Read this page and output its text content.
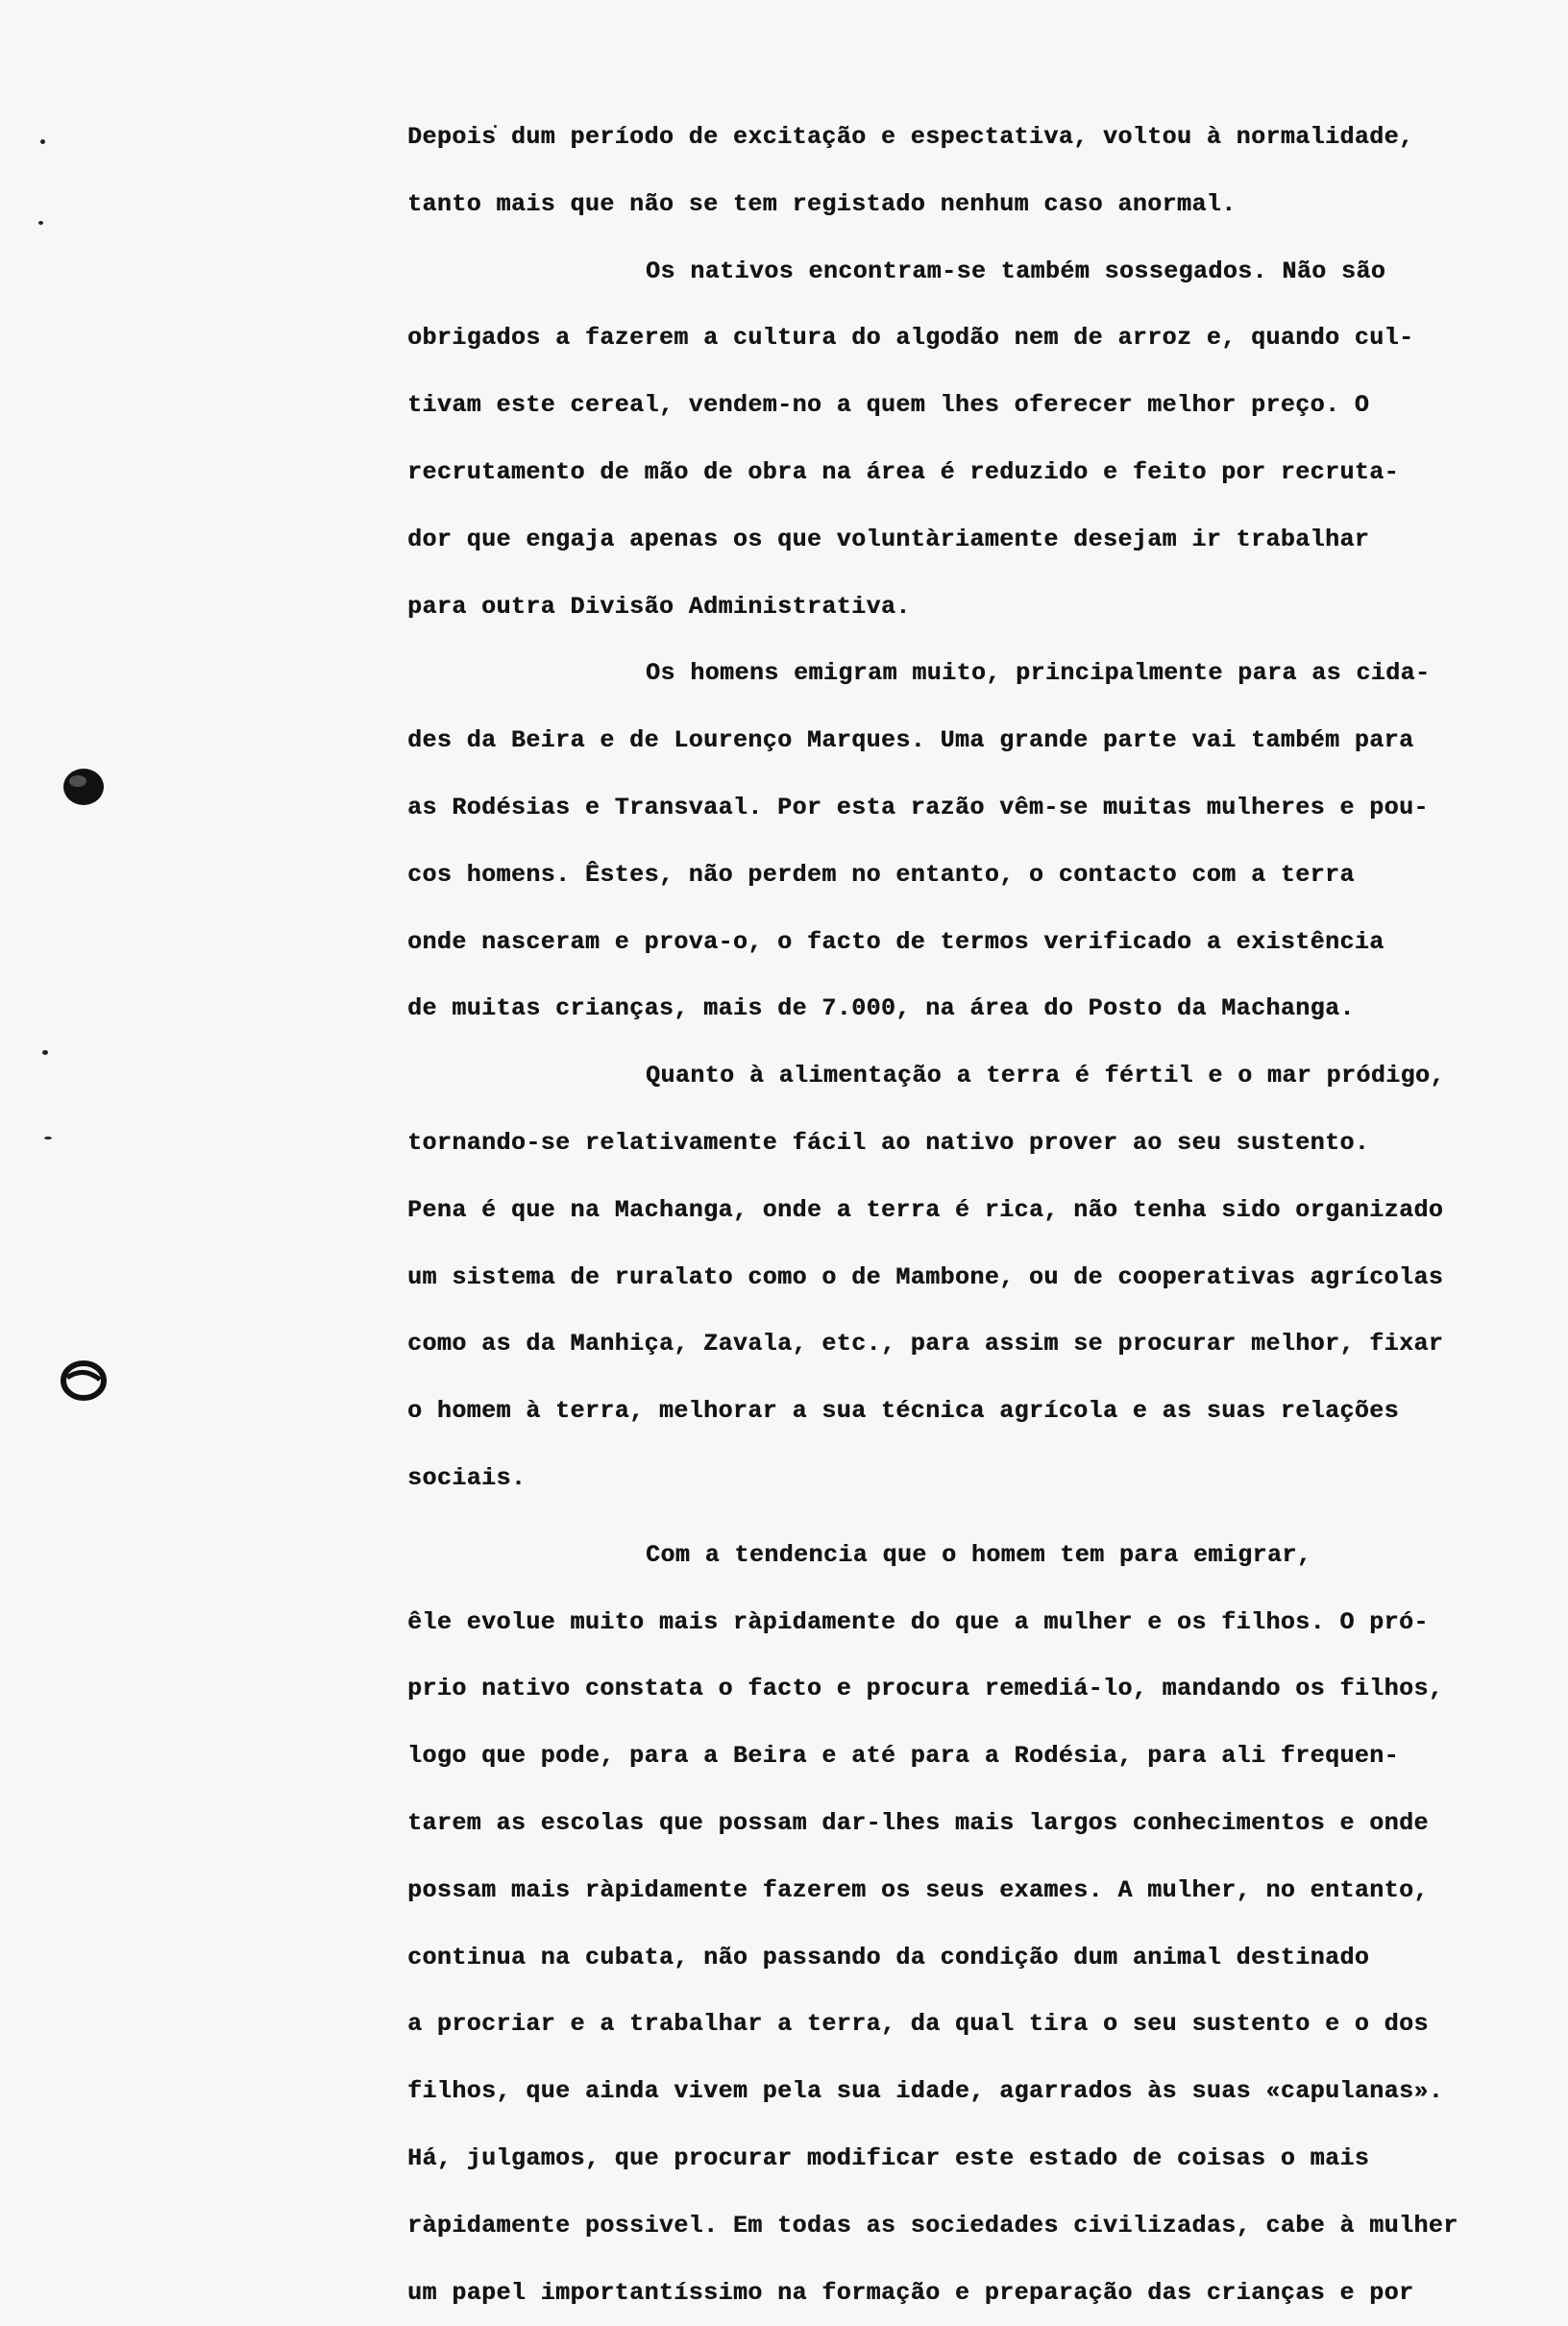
Depois dum período de excitação e espectativa, voltou à normalidade,
tanto mais que não se tem registado nenhum caso anormal.
Os nativos encontram-se também sossegados. Não são
obrigados a fazerem a cultura do algodão nem de arroz e, quando cul-
tivam este cereal, vendem-no a quem lhes oferecer melhor preço. O
recrutamento de mão de obra na área é reduzido e feito por recruta-
dor que engaja apenas os que voluntàriamente desejam ir trabalhar
para outra Divisão Administrativa.
Os homens emigram muito, principalmente para as cida-
des da Beira e de Lourenço Marques. Uma grande parte vai também para
as Rodésias e Transvaal. Por esta razão vêm-se muitas mulheres e pou-
cos homens. Êstes, não perdem no entanto, o contacto com a terra
onde nasceram e prova-o, o facto de termos verificado a existência
de muitas crianças, mais de 7.000, na área do Posto da Machanga.
Quanto à alimentação a terra é fértil e o mar pródigo,
tornando-se relativamente fácil ao nativo prover ao seu sustento.
Pena é que na Machanga, onde a terra é rica, não tenha sido organizado
um sistema de ruralato como o de Mambone, ou de cooperativas agrícolas
como as da Manhiça, Zavala, etc., para assim se procurar melhor, fixar
o homem à terra, melhorar a sua técnica agrícola e as suas relações
sociais.
Com a tendencia que o homem tem para emigrar,
êle evolue muito mais ràpidamente do que a mulher e os filhos. O pró-
prio nativo constata o facto e procura remediá-lo, mandando os filhos,
logo que pode, para a Beira e até para a Rodésia, para ali frequen-
tarem as escolas que possam dar-lhes mais largos conhecimentos e onde
possam mais ràpidamente fazerem os seus exames. A mulher, no entanto,
continua na cubata, não passando da condição dum animal destinado
a procriar e a trabalhar a terra, da qual tira o seu sustento e o dos
filhos, que ainda vivem pela sua idade, agarrados às suas «capulanas».
Há, julgamos, que procurar modificar este estado de coisas o mais
ràpidamente possivel. Em todas as sociedades civilizadas, cabe à mulher
um papel importantíssimo na formação e preparação das crianças e por
